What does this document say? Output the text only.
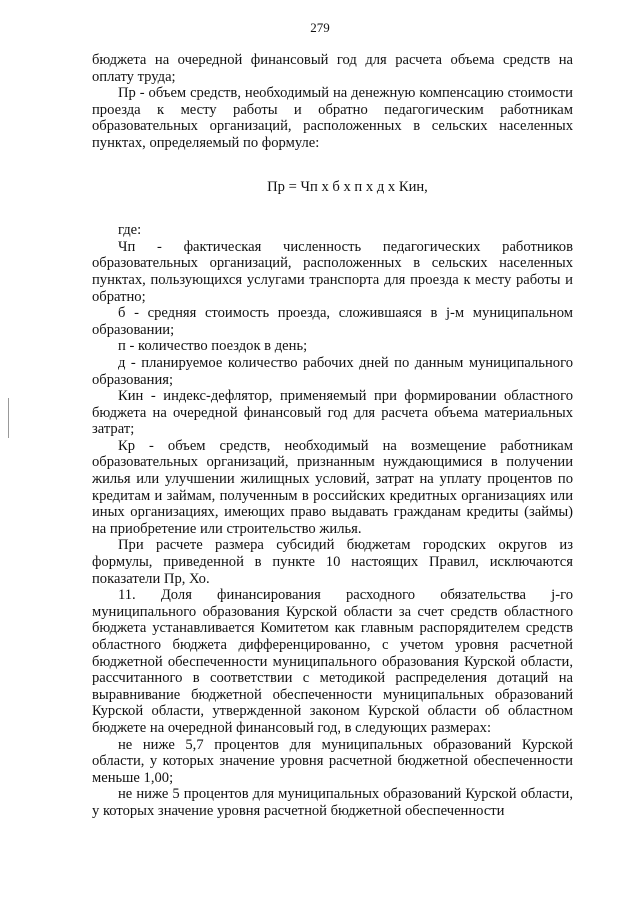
279

бюджета на очередной финансовый год для расчета объема средств на оплату труда;

Пр - объем средств, необходимый на денежную компенсацию стоимости проезда к месту работы и обратно педагогическим работникам образовательных организаций, расположенных в сельских населенных пунктах, определяемый по формуле:

Пр = Чп х б х п х д х Кин,

где:

Чп - фактическая численность педагогических работников образовательных организаций, расположенных в сельских населенных пунктах, пользующихся услугами транспорта для проезда к месту работы и обратно;

б - средняя стоимость проезда, сложившаяся в j-м муниципальном образовании;

п - количество поездок в день;

д - планируемое количество рабочих дней по данным муниципального образования;

Кин - индекс-дефлятор, применяемый при формировании областного бюджета на очередной финансовый год для расчета объема материальных затрат;

Кр - объем средств, необходимый на возмещение работникам образовательных организаций, признанным нуждающимися в получении жилья или улучшении жилищных условий, затрат на уплату процентов по кредитам и займам, полученным в российских кредитных организациях или иных организациях, имеющих право выдавать гражданам кредиты (займы) на приобретение или строительство жилья.

При расчете размера субсидий бюджетам городских округов из формулы, приведенной в пункте 10 настоящих Правил, исключаются показатели Пр, Хо.

11. Доля финансирования расходного обязательства j-го муниципального образования Курской области за счет средств областного бюджета устанавливается Комитетом как главным распорядителем средств областного бюджета дифференцированно, с учетом уровня расчетной бюджетной обеспеченности муниципального образования Курской области, рассчитанного в соответствии с методикой распределения дотаций на выравнивание бюджетной обеспеченности муниципальных образований Курской области, утвержденной законом Курской области об областном бюджете на очередной финансовый год, в следующих размерах:

не ниже 5,7 процентов для муниципальных образований Курской области, у которых значение уровня расчетной бюджетной обеспеченности меньше 1,00;

не ниже 5 процентов для муниципальных образований Курской области, у которых значение уровня расчетной бюджетной обеспеченности
